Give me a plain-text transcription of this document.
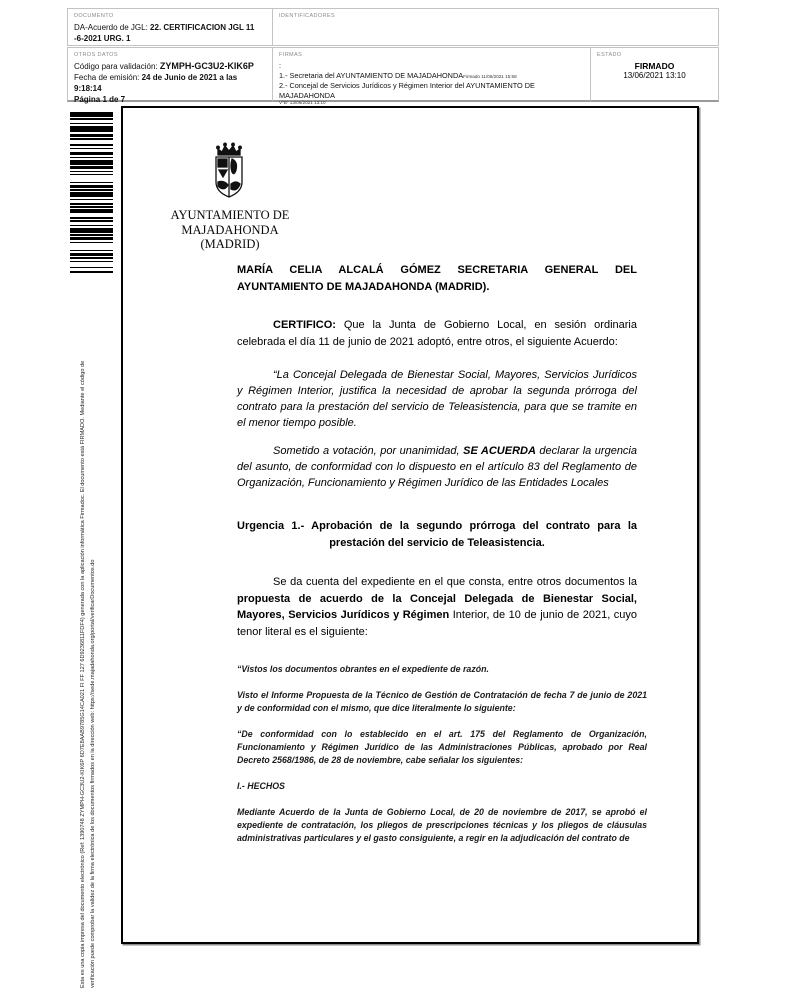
DOCUMENTO
DA-Acuerdo de JGL: 22. CERTIFICACION JGL 11 -6-2021 URG. 1
IDENTIFICADORES
OTROS DATOS
Código para validación: ZYMPH-GC3U2-KIK6P
Fecha de emisión: 24 de Junio de 2021 a las 9:18:14
Página 1 de 7
FIRMAS
:
1.- Secretaria del AYUNTAMIENTO DE MAJADAHONDAFirmado 11/06/2021 15:58
2.- Concejal de Servicios Jurídicos y Régimen Interior del AYUNTAMIENTO DE MAJADAHONDA
VºBº 13/06/2021 13:10
ESTADO
FIRMADO
13/06/2021 13:10
Esta es una copia impresa del documento electrónico (Ref: 1390748 ZYMPH-GC3U2-KIK6P 6D7E8AAB9785G14CA021 FI FF 127 6D9236811FDF4) generada con la aplicación informática Firmadoc. El documento está FIRMADO. Mediante el código de verificación puede comprobar la validez de la firma electrónica de los documentos firmados en la dirección web: https://sede.majadahonda.org/portal/verificarDocumentos.do
AYUNTAMIENTO DE
MAJADAHONDA
(MADRID)
MARÍA CELIA ALCALÁ GÓMEZ SECRETARIA GENERAL DEL AYUNTAMIENTO DE MAJADAHONDA (MADRID).
CERTIFICO: Que la Junta de Gobierno Local, en sesión ordinaria celebrada el día 11 de junio de 2021 adoptó, entre otros, el siguiente Acuerdo:
“La Concejal Delegada de Bienestar Social, Mayores, Servicios Jurídicos y Régimen Interior, justifica la necesidad de aprobar la segunda prórroga del contrato para la prestación del servicio de Teleasistencia, para que se tramite en el menor tiempo posible.
Sometido a votación, por unanimidad, SE ACUERDA declarar la urgencia del asunto, de conformidad con lo dispuesto en el artículo 83 del Reglamento de Organización, Funcionamiento y Régimen Jurídico de las Entidades Locales
Urgencia 1.- Aprobación de la segundo prórroga del contrato para la
prestación del servicio de Teleasistencia.
Se da cuenta del expediente en el que consta, entre otros documentos la propuesta de acuerdo de la Concejal Delegada de Bienestar Social, Mayores, Servicios Jurídicos y Régimen Interior, de 10 de junio de 2021, cuyo tenor literal es el siguiente:
“Vistos los documentos obrantes en el expediente de razón.
Visto el Informe Propuesta de la Técnico de Gestión de Contratación de fecha 7 de junio de 2021 y de conformidad con el mismo, que dice literalmente lo siguiente:
“De conformidad con lo establecido en el art. 175 del Reglamento de Organización, Funcionamiento y Régimen Jurídico de las Administraciones Públicas, aprobado por Real Decreto 2568/1986, de 28 de noviembre, cabe señalar los siguientes:
I.- HECHOS
Mediante Acuerdo de la Junta de Gobierno Local, de 20 de noviembre de 2017, se aprobó el expediente de contratación, los pliegos de prescripciones técnicas y los pliegos de cláusulas administrativas particulares y el gasto consiguiente, a regir en la adjudicación del contrato de
